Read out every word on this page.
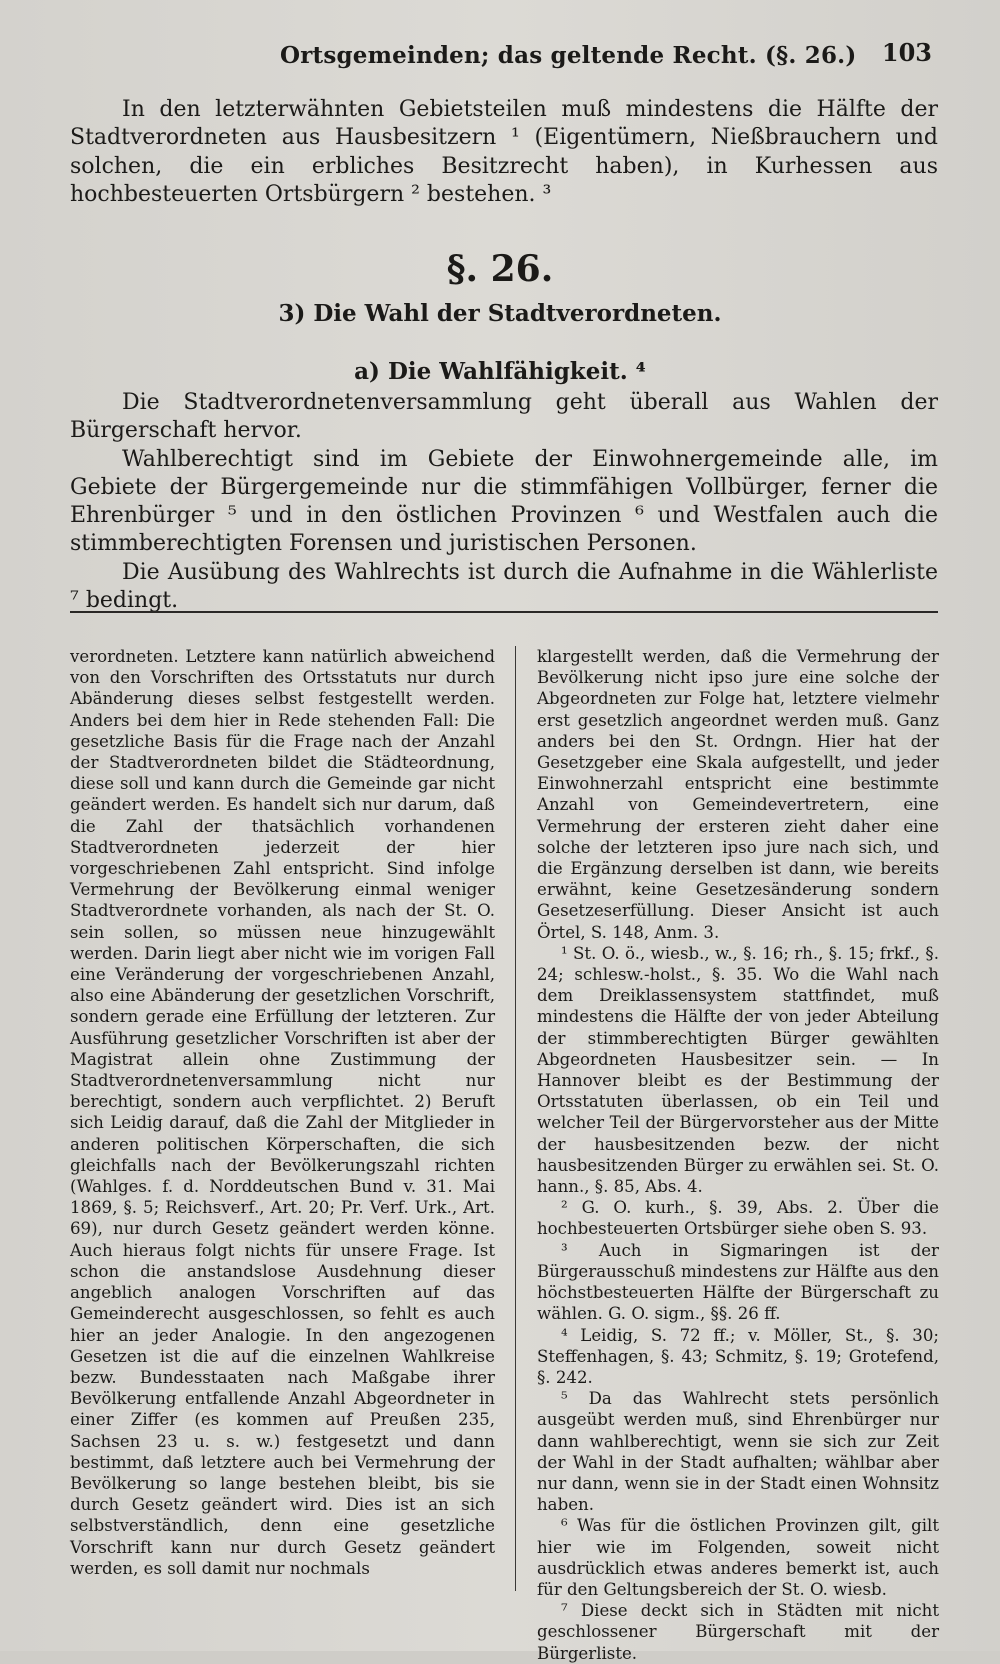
Ortsgemeinden; das geltende Recht. (§. 26.) 103

In den letzterwähnten Gebietsteilen muß mindestens die Hälfte der Stadtverordneten aus Hausbesitzern ¹ (Eigentümern, Nießbrauchern und solchen, die ein erbliches Besitzrecht haben), in Kurhessen aus hochbesteuerten Ortsbürgern ² bestehen. ³

§. 26.
3) Die Wahl der Stadtverordneten.
a) Die Wahlfähigkeit. ⁴

Die Stadtverordnetenversammlung geht überall aus Wahlen der Bürgerschaft hervor.

Wahlberechtigt sind im Gebiete der Einwohnergemeinde alle, im Gebiete der Bürgergemeinde nur die stimmfähigen Vollbürger, ferner die Ehrenbürger ⁵ und in den östlichen Provinzen ⁶ und Westfalen auch die stimmberechtigten Forensen und juristischen Personen.

Die Ausübung des Wahlrechts ist durch die Aufnahme in die Wählerliste ⁷ bedingt.

verordneten. Letztere kann natürlich abweichend von den Vorschriften des Ortsstatuts nur durch Abänderung dieses selbst festgestellt werden. Anders bei dem hier in Rede stehenden Fall: Die gesetzliche Basis für die Frage nach der Anzahl der Stadtverordneten bildet die Städteordnung, diese soll und kann durch die Gemeinde gar nicht geändert werden. Es handelt sich nur darum, daß die Zahl der thatsächlich vorhandenen Stadtverordneten jederzeit der hier vorgeschriebenen Zahl entspricht. Sind infolge Vermehrung der Bevölkerung einmal weniger Stadtverordnete vorhanden, als nach der St. O. sein sollen, so müssen neue hinzugewählt werden. Darin liegt aber nicht wie im vorigen Fall eine Veränderung der vorgeschriebenen Anzahl, also eine Abänderung der gesetzlichen Vorschrift, sondern gerade eine Erfüllung der letzteren. Zur Ausführung gesetzlicher Vorschriften ist aber der Magistrat allein ohne Zustimmung der Stadtverordnetenversammlung nicht nur berechtigt, sondern auch verpflichtet. 2) Beruft sich Leidig darauf, daß die Zahl der Mitglieder in anderen politischen Körperschaften, die sich gleichfalls nach der Bevölkerungszahl richten (Wahlges. f. d. Norddeutschen Bund v. 31. Mai 1869, §. 5; Reichsverf., Art. 20; Pr. Verf. Urk., Art. 69), nur durch Gesetz geändert werden könne. Auch hieraus folgt nichts für unsere Frage. Ist schon die anstandslose Ausdehnung dieser angeblich analogen Vorschriften auf das Gemeinderecht ausgeschlossen, so fehlt es auch hier an jeder Analogie. In den angezogenen Gesetzen ist die auf die einzelnen Wahlkreise bezw. Bundesstaaten nach Maßgabe ihrer Bevölkerung entfallende Anzahl Abgeordneter in einer Ziffer (es kommen auf Preußen 235, Sachsen 23 u. s. w.) festgesetzt und dann bestimmt, daß letztere auch bei Vermehrung der Bevölkerung so lange bestehen bleibt, bis sie durch Gesetz geändert wird. Dies ist an sich selbstverständlich, denn eine gesetzliche Vorschrift kann nur durch Gesetz geändert werden, es soll damit nur nochmals

klargestellt werden, daß die Vermehrung der Bevölkerung nicht ipso jure eine solche der Abgeordneten zur Folge hat, letztere vielmehr erst gesetzlich angeordnet werden muß. Ganz anders bei den St. Ordngn. Hier hat der Gesetzgeber eine Skala aufgestellt, und jeder Einwohnerzahl entspricht eine bestimmte Anzahl von Gemeindevertretern, eine Vermehrung der ersteren zieht daher eine solche der letzteren ipso jure nach sich, und die Ergänzung derselben ist dann, wie bereits erwähnt, keine Gesetzesänderung sondern Gesetzeserfüllung. Dieser Ansicht ist auch Örtel, S. 148, Anm. 3.

¹ St. O. ö., wiesb., w., §. 16; rh., §. 15; frkf., §. 24; schlesw.-holst., §. 35. Wo die Wahl nach dem Dreiklassensystem stattfindet, muß mindestens die Hälfte der von jeder Abteilung der stimmberechtigten Bürger gewählten Abgeordneten Hausbesitzer sein. — In Hannover bleibt es der Bestimmung der Ortsstatuten überlassen, ob ein Teil und welcher Teil der Bürgervorsteher aus der Mitte der hausbesitzenden bezw. der nicht hausbesitzenden Bürger zu erwählen sei. St. O. hann., §. 85, Abs. 4.

² G. O. kurh., §. 39, Abs. 2. Über die hochbesteuerten Ortsbürger siehe oben S. 93.

³ Auch in Sigmaringen ist der Bürgerausschuß mindestens zur Hälfte aus den höchstbesteuerten Hälfte der Bürgerschaft zu wählen. G. O. sigm., §§. 26 ff.

⁴ Leidig, S. 72 ff.; v. Möller, St., §. 30; Steffenhagen, §. 43; Schmitz, §. 19; Grotefend, §. 242.

⁵ Da das Wahlrecht stets persönlich ausgeübt werden muß, sind Ehrenbürger nur dann wahlberechtigt, wenn sie sich zur Zeit der Wahl in der Stadt aufhalten; wählbar aber nur dann, wenn sie in der Stadt einen Wohnsitz haben.

⁶ Was für die östlichen Provinzen gilt, gilt hier wie im Folgenden, soweit nicht ausdrücklich etwas anderes bemerkt ist, auch für den Geltungsbereich der St. O. wiesb.

⁷ Diese deckt sich in Städten mit nicht geschlossener Bürgerschaft mit der Bürgerliste.
